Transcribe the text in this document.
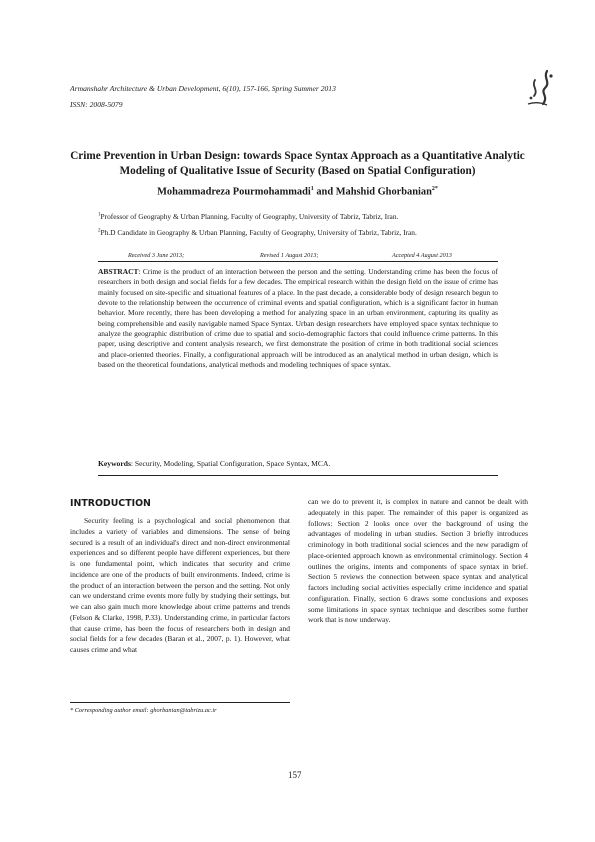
Armanshahr Architecture & Urban Development, 6(10), 157-166, Spring Summer 2013
ISSN: 2008-5079
Crime Prevention in Urban Design: towards Space Syntax Approach as a Quantitative Analytic Modeling of Qualitative Issue of Security (Based on Spatial Configuration)
Mohammadreza Pourmohammadi$^1$ and Mahshid Ghorbanian$^{2*}$
$^1$Professor of Geography & Urban Planning, Faculty of Geography, University of Tabriz, Tabriz, Iran.
$^2$Ph.D Candidate in Geography & Urban Planning, Faculty of Geography, University of Tabriz, Tabriz, Iran.
Received 3 June 2013;	Revised 1 August 2013;	Accepted 4 August 2013
ABSTRACT: Crime is the product of an interaction between the person and the setting. Understanding crime has been the focus of researchers in both design and social fields for a few decades. The empirical research within the design field on the issue of crime has mainly focused on site-specific and situational features of a place. In the past decade, a considerable body of design research begun to devote to the relationship between the occurrence of criminal events and spatial configuration, which is a significant factor in human behavior. More recently, there has been developing a method for analyzing space in an urban environment, capturing its quality as being comprehensible and easily navigable named Space Syntax. Urban design researchers have employed space syntax technique to analyze the geographic distribution of crime due to spatial and socio-demographic factors that could influence crime patterns. In this paper, using descriptive and content analysis research, we first demonstrate the position of crime in both traditional social sciences and place-oriented theories. Finally, a configurational approach will be introduced as an analytical method in urban design, which is based on the theoretical foundations, analytical methods and modeling techniques of space syntax.
Keywords: Security, Modeling, Spatial Configuration, Space Syntax, MCA.
INTRODUCTION
Security feeling is a psychological and social phenomenon that includes a variety of variables and dimensions. The sense of being secured is a result of an individual's direct and non-direct environmental experiences and so different people have different experiences, but there is one fundamental point, which indicates that security and crime incidence are one of the products of built environments. Indeed, crime is the product of an interaction between the person and the setting. Not only can we understand crime events more fully by studying their settings, but we can also gain much more knowledge about crime patterns and trends (Felson & Clarke, 1998, P.33). Understanding crime, in particular factors that cause crime, has been the focus of researchers both in design and social fields for a few decades (Baran et al., 2007, p. 1). However, what causes crime and what
can we do to prevent it, is complex in nature and cannot be dealt with adequately in this paper. The remainder of this paper is organized as follows: Section 2 looks once over the background of using the advantages of modeling in urban studies. Section 3 briefly introduces criminology in both traditional social sciences and the new paradigm of place-oriented approach known as environmental criminology. Section 4 outlines the origins, intents and components of space syntax in brief. Section 5 reviews the connection between space syntax and analytical factors including social activities especially crime incidence and spatial configuration. Finally, section 6 draws some conclusions and exposes some limitations in space syntax technique and describes some further work that is now underway.
* Corresponding author email: ghorbanian@tabrizu.ac.ir
157
